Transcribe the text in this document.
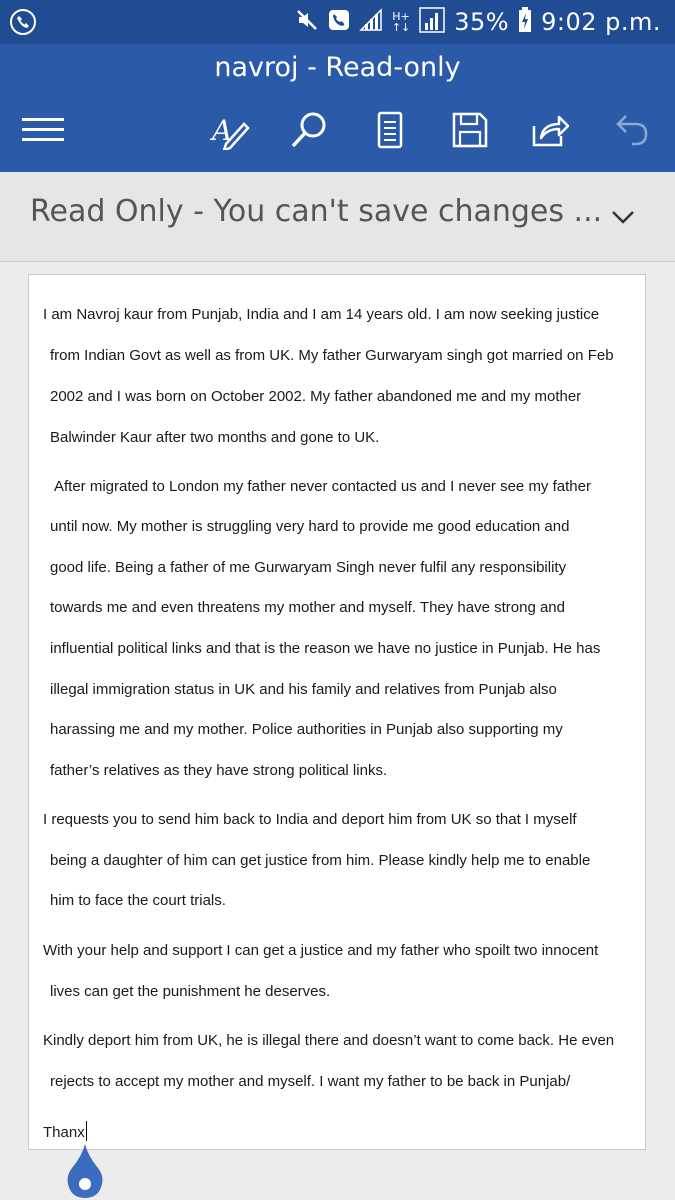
H+
↑↓ 35% 9:02 p.m.
navroj - Read-only
A
Read Only - You can't save changes ...
I am Navroj kaur from Punjab, India and I am 14 years old. I am now seeking justice
from Indian Govt as well as from UK. My father Gurwaryam singh got married on Feb
2002 and I was born on October 2002. My father abandoned me and my mother
Balwinder Kaur after two months and gone to UK.
After migrated to London my father never contacted us and I never see my father
until now. My mother is struggling very hard to provide me good education and
good life. Being a father of me Gurwaryam Singh never fulfil any responsibility
towards me and even threatens my mother and myself. They have strong and
influential political links and that is the reason we have no justice in Punjab. He has
illegal immigration status in UK and his family and relatives from Punjab also
harassing me and my mother. Police authorities in Punjab also supporting my
father’s relatives as they have strong political links.
I requests you to send him back to India and deport him from UK so that I myself
being a daughter of him can get justice from him. Please kindly help me to enable
him to face the court trials.
With your help and support I can get a justice and my father who spoilt two innocent
lives can get the punishment he deserves.
Kindly deport him from UK, he is illegal there and doesn’t want to come back. He even
rejects to accept my mother and myself. I want my father to be back in Punjab/
Thanx
